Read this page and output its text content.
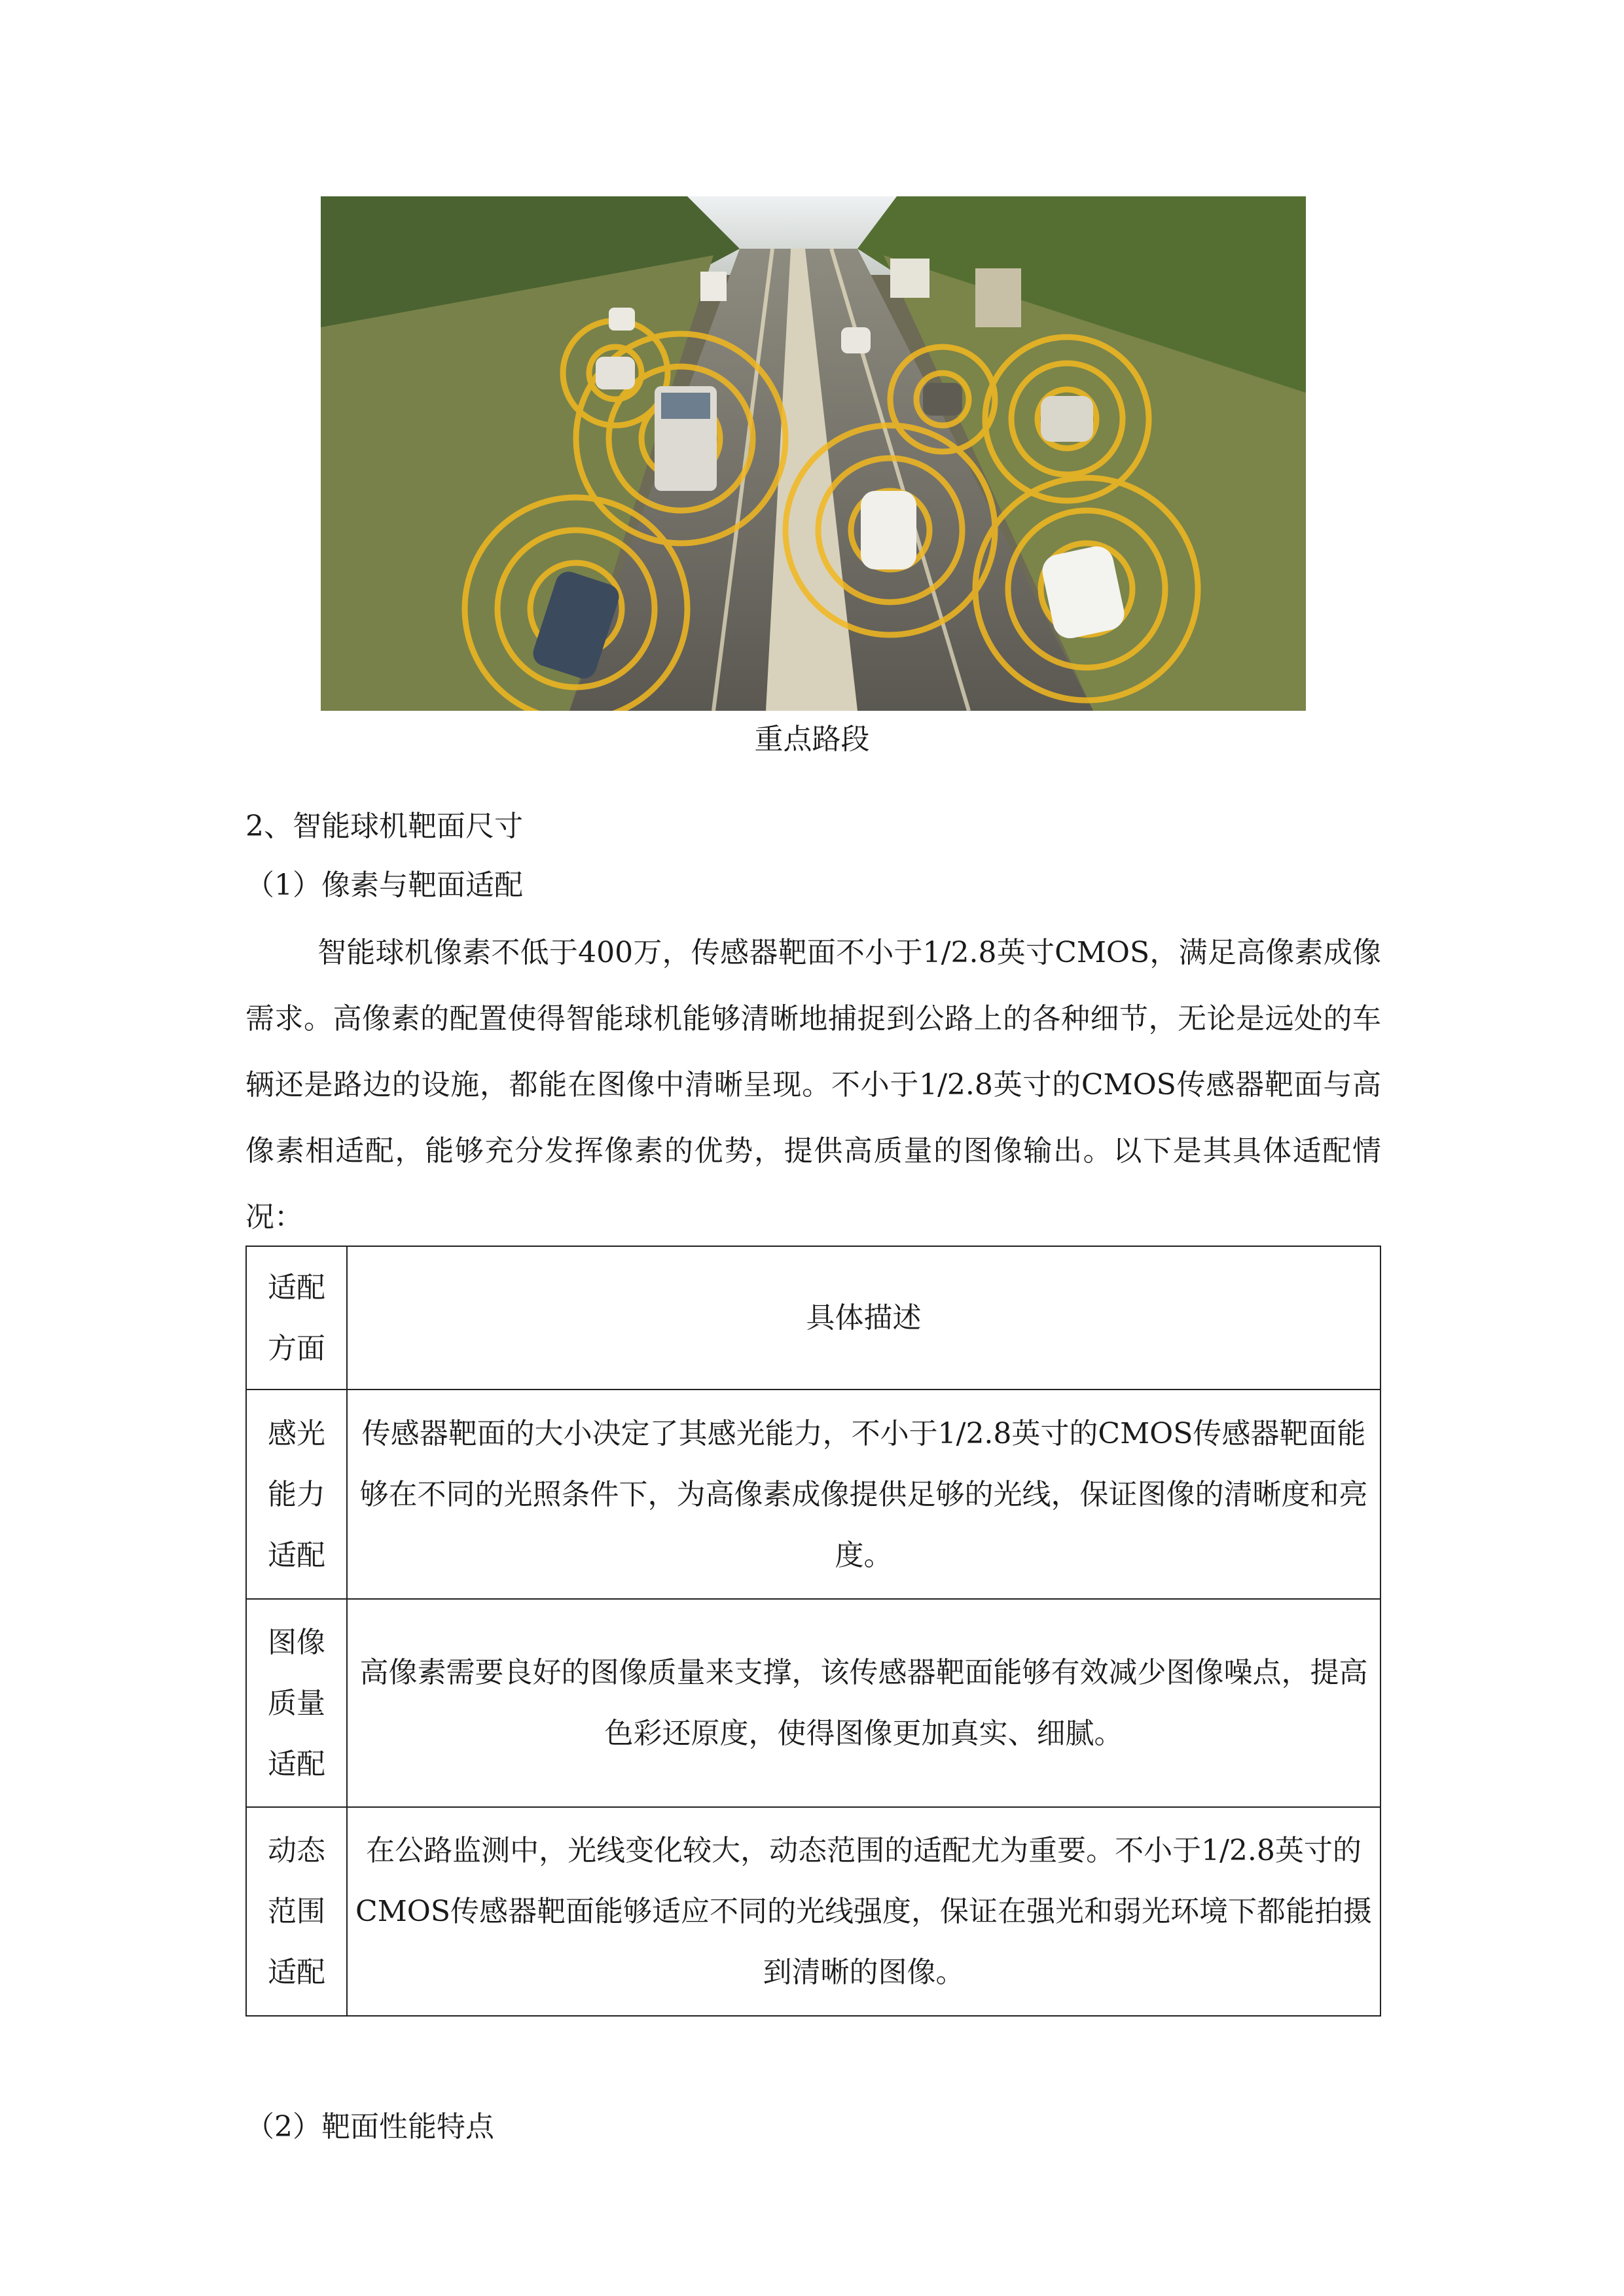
重点路段
2、智能球机靶面尺寸
（1）像素与靶面适配
智能球机像素不低于400万，传感器靶面不小于1/2.8英寸CMOS，满足高像素成像需求。高像素的配置使得智能球机能够清晰地捕捉到公路上的各种细节，无论是远处的车辆还是路边的设施，都能在图像中清晰呈现。不小于1/2.8英寸的CMOS传感器靶面与高像素相适配，能够充分发挥像素的优势，提供高质量的图像输出。以下是其具体适配情况：
适配方面	具体描述

感光能力适配	传感器靶面的大小决定了其感光能力，不小于1/2.8英寸的CMOS传感器靶面能够在不同的光照条件下，为高像素成像提供足够的光线，保证图像的清晰度和亮度。

图像质量适配	高像素需要良好的图像质量来支撑，该传感器靶面能够有效减少图像噪点，提高色彩还原度，使得图像更加真实、细腻。

动态范围适配	在公路监测中，光线变化较大，动态范围的适配尤为重要。不小于1/2.8英寸的CMOS传感器靶面能够适应不同的光线强度，保证在强光和弱光环境下都能拍摄到清晰的图像。
（2）靶面性能特点
